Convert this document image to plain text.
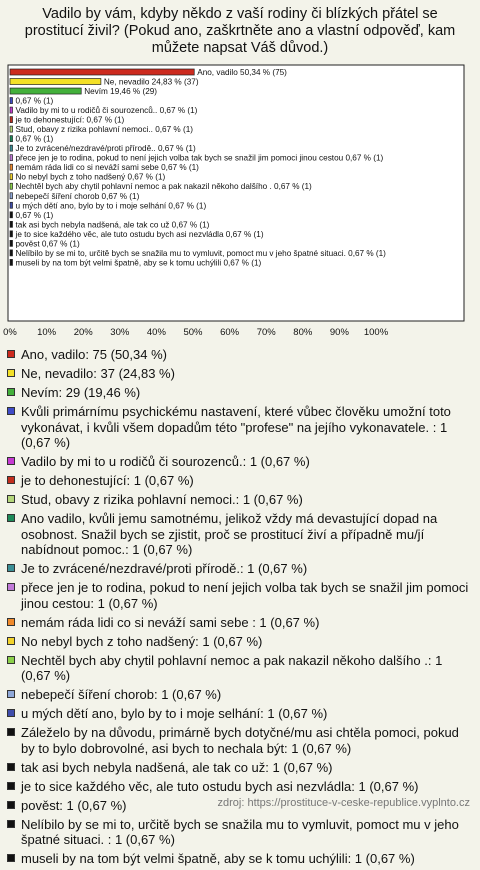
Vadilo by vám, kdyby někdo z vaší rodiny či blízkých přátel se
prostitucí živil? (Pokud ano, zaškrtněte ano a vlastní odpověď, kam
můžete napsat Váš důvod.)
Ano, vadilo 50,34 % (75)
Ne, nevadilo 24,83 % (37)
Nevím 19,46 % (29)
0,67 % (1)
Vadilo by mi to u rodičů či sourozenců.. 0,67 % (1)
je to dehonestující: 0,67 % (1)
Stud, obavy z rizika pohlavní nemoci.. 0,67 % (1)
0,67 % (1)
Je to zvrácené/nezdravé/proti přírodě.. 0,67 % (1)
přece jen je to rodina, pokud to není jejich volba tak bych se snažil jim pomoci jinou cestou 0,67 % (1)
nemám ráda lidi co si neváží sami sebe 0,67 % (1)
No nebyl bych z toho nadšený 0,67 % (1)
Nechtěl bych aby chytil pohlavní nemoc a pak nakazil někoho dalšího . 0,67 % (1)
nebepečí šíření chorob 0,67 % (1)
u mých dětí ano, bylo by to i moje selhání 0,67 % (1)
0,67 % (1)
tak asi bych nebyla nadšená, ale tak co už 0,67 % (1)
je to sice každého věc, ale tuto ostudu bych asi nezvládla 0,67 % (1)
pověst 0,67 % (1)
Nelíbilo by se mi to, určitě bych se snažila mu to vymluvit, pomoct mu v jeho špatné situaci. 0,67 % (1)
museli by na tom být velmi špatně, aby se k tomu uchýlili 0,67 % (1)
0% 10% 20% 30% 40% 50% 60% 70% 80% 90% 100%
Ano, vadilo: 75 (50,34 %)
Ne, nevadilo: 37 (24,83 %)
Nevím: 29 (19,46 %)
Kvůli primárnímu psychickému nastavení, které vůbec člověku umožní toto vykonávat, i kvůli všem dopadům této "profese" na jejího vykonavatele. : 1 (0,67 %)
Vadilo by mi to u rodičů či sourozenců.: 1 (0,67 %)
je to dehonestující: 1 (0,67 %)
Stud, obavy z rizika pohlavní nemoci.: 1 (0,67 %)
Ano vadilo, kvůli jemu samotnému, jelikož vždy má devastující dopad na osobnost. Snažil bych se zjistit, proč se prostitucí živí a případně mu/jí nabídnout pomoc.: 1 (0,67 %)
Je to zvrácené/nezdravé/proti přírodě.: 1 (0,67 %)
přece jen je to rodina, pokud to není jejich volba tak bych se snažil jim pomoci jinou cestou: 1 (0,67 %)
nemám ráda lidi co si neváží sami sebe : 1 (0,67 %)
No nebyl bych z toho nadšený: 1 (0,67 %)
Nechtěl bych aby chytil pohlavní nemoc a pak nakazil někoho dalšího .: 1 (0,67 %)
nebepečí šíření chorob: 1 (0,67 %)
u mých dětí ano, bylo by to i moje selhání: 1 (0,67 %)
Záleželo by na důvodu, primárně bych dotyčné/mu asi chtěla pomoci, pokud by to bylo dobrovolné, asi bych to nechala být: 1 (0,67 %)
tak asi bych nebyla nadšená, ale tak co už: 1 (0,67 %)
je to sice každého věc, ale tuto ostudu bych asi nezvládla: 1 (0,67 %)
pověst: 1 (0,67 %)
Nelíbilo by se mi to, určitě bych se snažila mu to vymluvit, pomoct mu v jeho špatné situaci. : 1 (0,67 %)
museli by na tom být velmi špatně, aby se k tomu uchýlili: 1 (0,67 %)
zdroj: https://prostituce-v-ceske-republice.vyplnto.cz
